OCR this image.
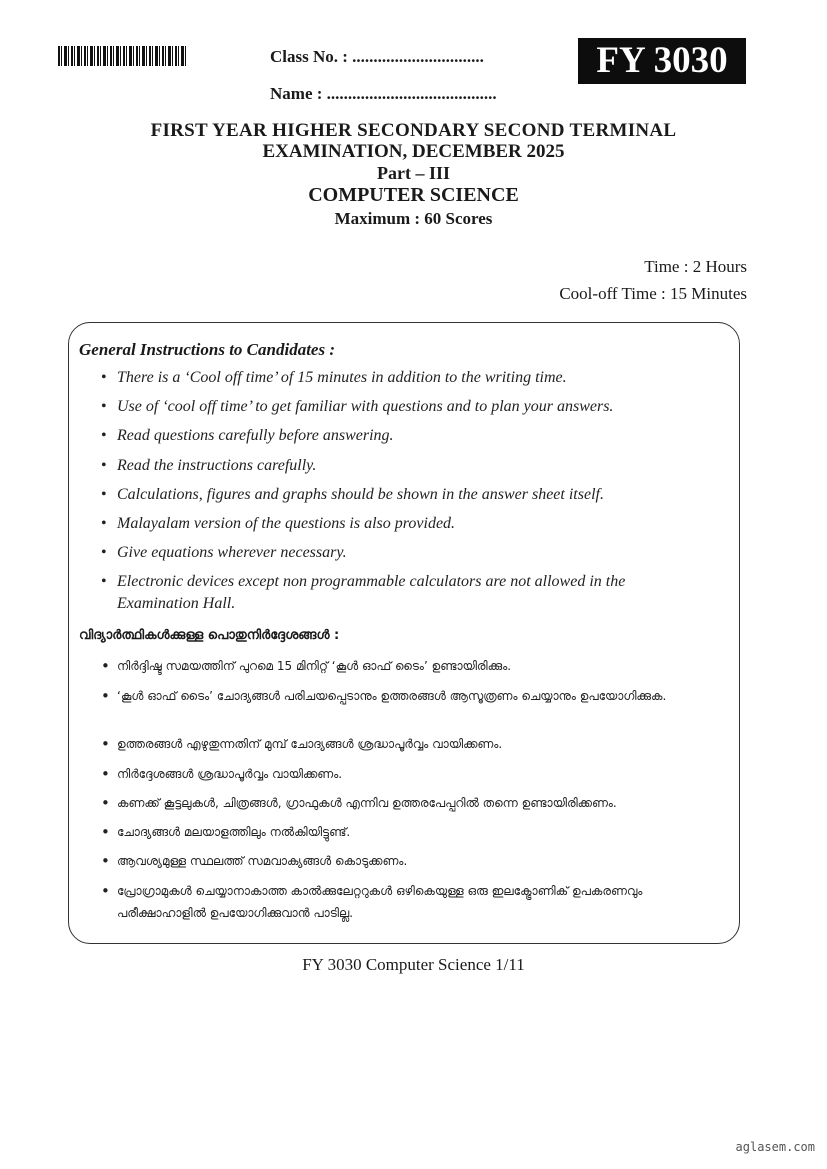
Class No. : ...............................
Name : ........................................
FY 3030
FIRST YEAR HIGHER SECONDARY SECOND TERMINAL
EXAMINATION, DECEMBER 2025
Part – III
COMPUTER SCIENCE
Maximum : 60 Scores
Time : 2 Hours
Cool-off Time : 15 Minutes
General Instructions to Candidates :
• There is a ‘Cool off time’ of 15 minutes in addition to the writing time.
• Use of ‘cool off time’ to get familiar with questions and to plan your answers.
• Read questions carefully before answering.
• Read the instructions carefully.
• Calculations, figures and graphs should be shown in the answer sheet itself.
• Malayalam version of the questions is also provided.
• Give equations wherever necessary.
• Electronic devices except non programmable calculators are not allowed in the Examination Hall.
വിദ്യാർത്ഥികൾക്കുള്ള പൊതുനിർദ്ദേശങ്ങൾ :
• നിർദ്ദിഷ്ട സമയത്തിന് പുറമെ 15 മിനിറ്റ് ‘കൂൾ ഓഫ് ടൈം’ ഉണ്ടായിരിക്കും.
• ‘കൂൾ ഓഫ് ടൈം’ ചോദ്യങ്ങൾ പരിചയപ്പെടാനും ഉത്തരങ്ങൾ ആസൂത്രണം ചെയ്യാനും ഉപയോഗിക്കുക.
• ഉത്തരങ്ങൾ എഴുതുന്നതിന് മുമ്പ് ചോദ്യങ്ങൾ ശ്രദ്ധാപൂർവ്വം വായിക്കണം.
• നിർദ്ദേശങ്ങൾ ശ്രദ്ധാപൂർവ്വം വായിക്കണം.
• കണക്ക് കൂട്ടലുകൾ, ചിത്രങ്ങൾ, ഗ്രാഫുകൾ എന്നിവ ഉത്തരപേപ്പറിൽ തന്നെ ഉണ്ടായിരിക്കണം.
• ചോദ്യങ്ങൾ മലയാളത്തിലും നൽകിയിട്ടുണ്ട്.
• ആവശ്യമുള്ള സ്ഥലത്ത് സമവാക്യങ്ങൾ കൊടുക്കണം.
• പ്രോഗ്രാമുകൾ ചെയ്യാനാകാത്ത കാൽക്കുലേറ്ററുകൾ ഒഴികെയുള്ള ഒരു ഇലക്ട്രോണിക് ഉപകരണവും പരീക്ഷാഹാളിൽ ഉപയോഗിക്കുവാൻ പാടില്ല.
FY 3030 Computer Science 1/11
aglasem.com
